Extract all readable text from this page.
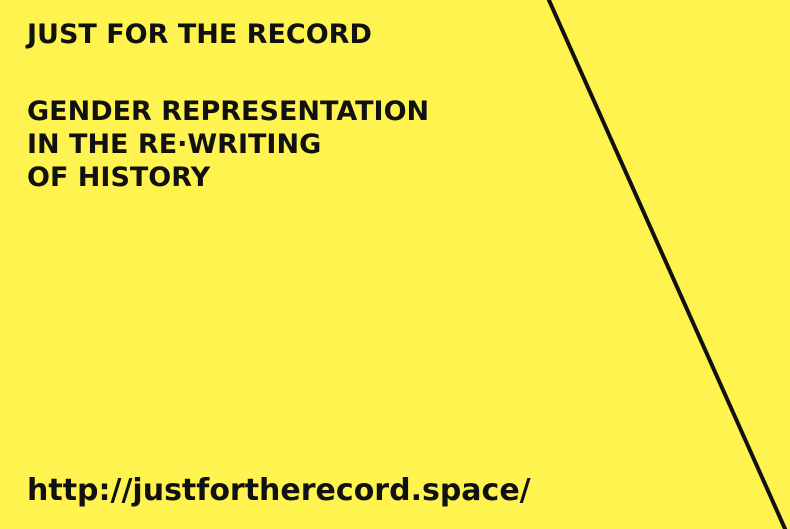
JUST FOR THE RECORD
GENDER REPRESENTATION
IN THE RE·WRITING
OF HISTORY
http://justfortherecord.space/
